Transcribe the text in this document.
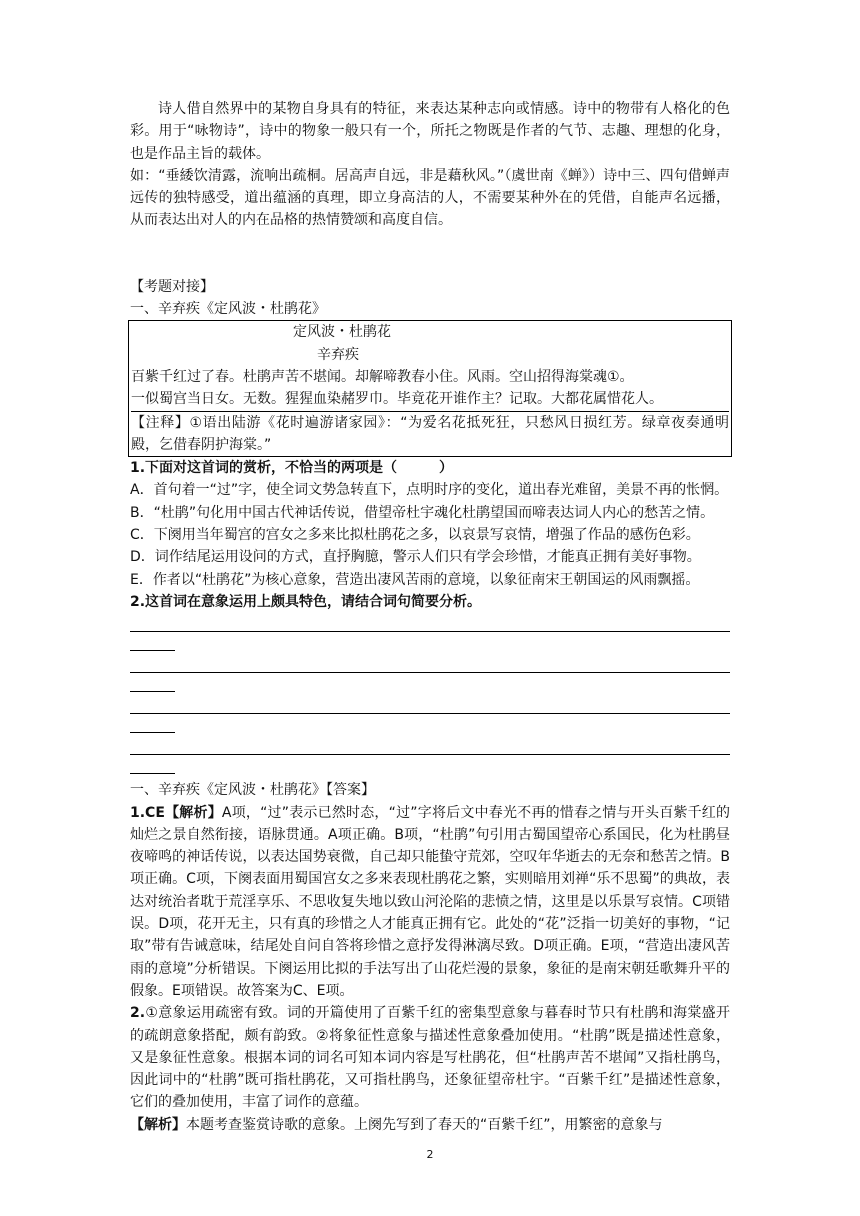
诗人借自然界中的某物自身具有的特征，来表达某种志向或情感。诗中的物带有人格化的色彩。用于“咏物诗”，诗中的物象一般只有一个，所托之物既是作者的气节、志趣、理想的化身，也是作品主旨的载体。

如：“垂緌饮清露，流响出疏桐。居高声自远，非是藉秋风。”（虞世南《蝉》）诗中三、四句借蝉声远传的独特感受，道出蕴涵的真理，即立身高洁的人，不需要某种外在的凭借，自能声名远播，从而表达出对人的内在品格的热情赞颂和高度自信。

【考题对接】

一、辛弃疾《定风波・杜鹃花》

定风波・杜鹃花

辛弃疾

百紫千红过了春。杜鹃声苦不堪闻。却解啼教春小住。风雨。空山招得海棠魂①。

一似蜀宫当日女。无数。猩猩血染赭罗巾。毕竟花开谁作主？记取。大都花属惜花人。

【注释】①语出陆游《花时遍游诸家园》：“为爱名花抵死狂，只愁风日损红芳。绿章夜奏通明殿，乞借春阴护海棠。”

1.下面对这首词的赏析，不恰当的两项是（　　　）

A．首句着一“过”字，使全词文势急转直下，点明时序的变化，道出春光难留，美景不再的怅惘。

B．“杜鹃”句化用中国古代神话传说，借望帝杜宇魂化杜鹃望国而啼表达词人内心的愁苦之情。

C．下阕用当年蜀宫的宫女之多来比拟杜鹃花之多，以哀景写哀情，增强了作品的感伤色彩。

D．词作结尾运用设问的方式，直抒胸臆，警示人们只有学会珍惜，才能真正拥有美好事物。

E．作者以“杜鹃花”为核心意象，营造出凄风苦雨的意境，以象征南宋王朝国运的风雨飘摇。

2.这首词在意象运用上颇具特色，请结合词句简要分析。

一、辛弃疾《定风波・杜鹃花》【答案】

1.CE【解析】A项，“过”表示已然时态，“过”字将后文中春光不再的惜春之情与开头百紫千红的灿烂之景自然衔接，语脉贯通。A项正确。B项，“杜鹃”句引用古蜀国望帝心系国民，化为杜鹃昼夜啼鸣的神话传说，以表达国势衰微，自己却只能蛰守荒郊，空叹年华逝去的无奈和愁苦之情。B项正确。C项，下阕表面用蜀国宫女之多来表现杜鹃花之繁，实则暗用刘禅“乐不思蜀”的典故，表达对统治者耽于荒淫享乐、不思收复失地以致山河沦陷的悲愤之情，这里是以乐景写哀情。C项错误。D项，花开无主，只有真的珍惜之人才能真正拥有它。此处的“花”泛指一切美好的事物，“记取”带有告诫意味，结尾处自问自答将珍惜之意抒发得淋漓尽致。D项正确。E项，“营造出凄风苦雨的意境”分析错误。下阕运用比拟的手法写出了山花烂漫的景象，象征的是南宋朝廷歌舞升平的假象。E项错误。故答案为C、E项。

2.①意象运用疏密有致。词的开篇使用了百紫千红的密集型意象与暮春时节只有杜鹃和海棠盛开的疏朗意象搭配，颇有韵致。②将象征性意象与描述性意象叠加使用。“杜鹃”既是描述性意象，又是象征性意象。根据本词的词名可知本词内容是写杜鹃花，但“杜鹃声苦不堪闻”又指杜鹃鸟，因此词中的“杜鹃”既可指杜鹃花，又可指杜鹃鸟，还象征望帝杜宇。“百紫千红”是描述性意象，它们的叠加使用，丰富了词作的意蕴。

【解析】本题考查鉴赏诗歌的意象。上阕先写到了春天的“百紫千红”，用繁密的意象与

2
